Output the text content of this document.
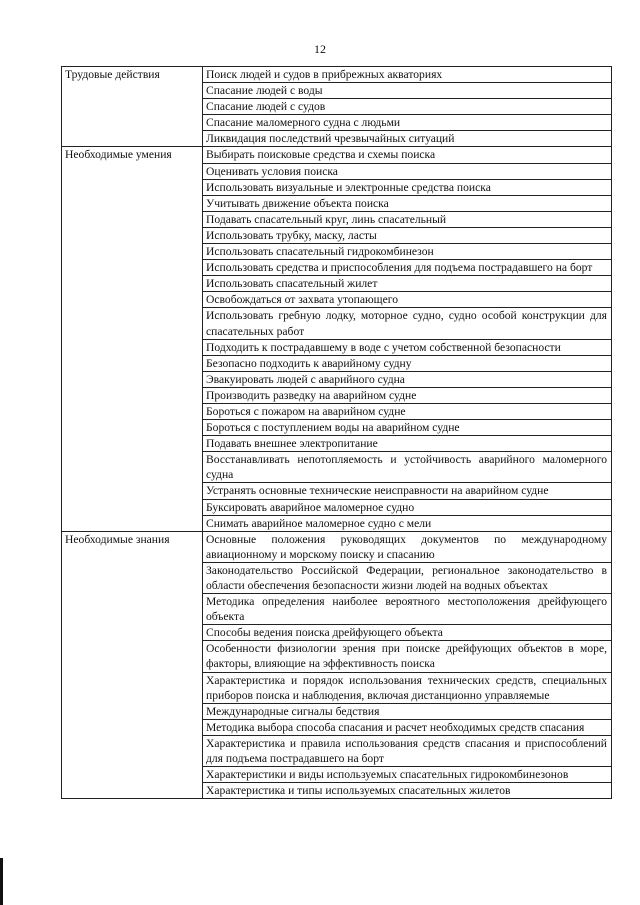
12
Трудовые действия	Поиск людей и судов в прибрежных акваториях
	Спасание людей с воды
	Спасание людей с судов
	Спасание маломерного судна с людьми
	Ликвидация последствий чрезвычайных ситуаций
Необходимые умения	Выбирать поисковые средства и схемы поиска
	Оценивать условия поиска
	Использовать визуальные и электронные средства поиска
	Учитывать движение объекта поиска
	Подавать спасательный круг, линь спасательный
	Использовать трубку, маску, ласты
	Использовать спасательный гидрокомбинезон
	Использовать средства и приспособления для подъема пострадавшего на борт
	Использовать спасательный жилет
	Освобождаться от захвата утопающего
	Использовать гребную лодку, моторное судно, судно особой конструкции для спасательных работ
	Подходить к пострадавшему в воде с учетом собственной безопасности
	Безопасно подходить к аварийному судну
	Эвакуировать людей с аварийного судна
	Производить разведку на аварийном судне
	Бороться с пожаром на аварийном судне
	Бороться с поступлением воды на аварийном судне
	Подавать внешнее электропитание
	Восстанавливать непотопляемость и устойчивость аварийного маломерного судна
	Устранять основные технические неисправности на аварийном судне
	Буксировать аварийное маломерное судно
	Снимать аварийное маломерное судно с мели
Необходимые знания	Основные положения руководящих документов по международному авиационному и морскому поиску и спасанию
	Законодательство Российской Федерации, региональное законодательство в области обеспечения безопасности жизни людей на водных объектах
	Методика определения наиболее вероятного местоположения дрейфующего объекта
	Способы ведения поиска дрейфующего объекта
	Особенности физиологии зрения при поиске дрейфующих объектов в море, факторы, влияющие на эффективность поиска
	Характеристика и порядок использования технических средств, специальных приборов поиска и наблюдения, включая дистанционно управляемые
	Международные сигналы бедствия
	Методика выбора способа спасания и расчет необходимых средств спасания
	Характеристика и правила использования средств спасания и приспособлений для подъема пострадавшего на борт
	Характеристики и виды используемых спасательных гидрокомбинезонов
	Характеристика и типы используемых спасательных жилетов
